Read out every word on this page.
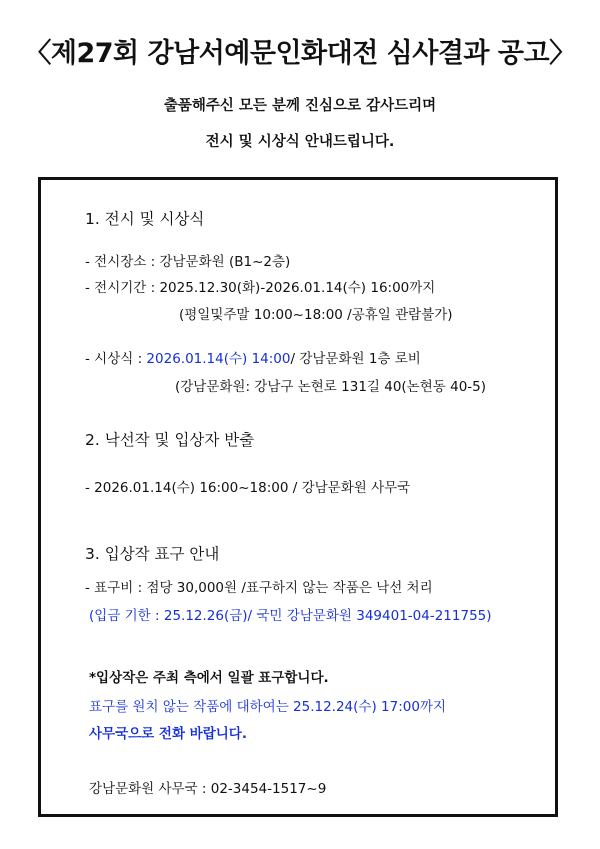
〈제27회 강남서예문인화대전 심사결과 공고〉
출품해주신 모든 분께 진심으로 감사드리며
전시 및 시상식 안내드립니다.
1. 전시 및 시상식
- 전시장소 : 강남문화원 (B1~2층)
- 전시기간 : 2025.12.30(화)-2026.01.14(수) 16:00까지
(평일및주말 10:00~18:00 /공휴일 관람불가)
- 시상식 : 2026.01.14(수) 14:00/ 강남문화원 1층 로비
(강남문화원: 강남구 논현로 131길 40(논현동 40-5)
2. 낙선작 및 입상자 반출
- 2026.01.14(수) 16:00~18:00 / 강남문화원 사무국
3. 입상작 표구 안내
- 표구비 : 점당 30,000원 /표구하지 않는 작품은 낙선 처리
(입금 기한 : 25.12.26(금)/ 국민 강남문화원 349401-04-211755)
*입상작은 주최 측에서 일괄 표구합니다.
표구를 원치 않는 작품에 대하여는 25.12.24(수) 17:00까지
사무국으로 전화 바랍니다.
강남문화원 사무국 : 02-3454-1517~9
